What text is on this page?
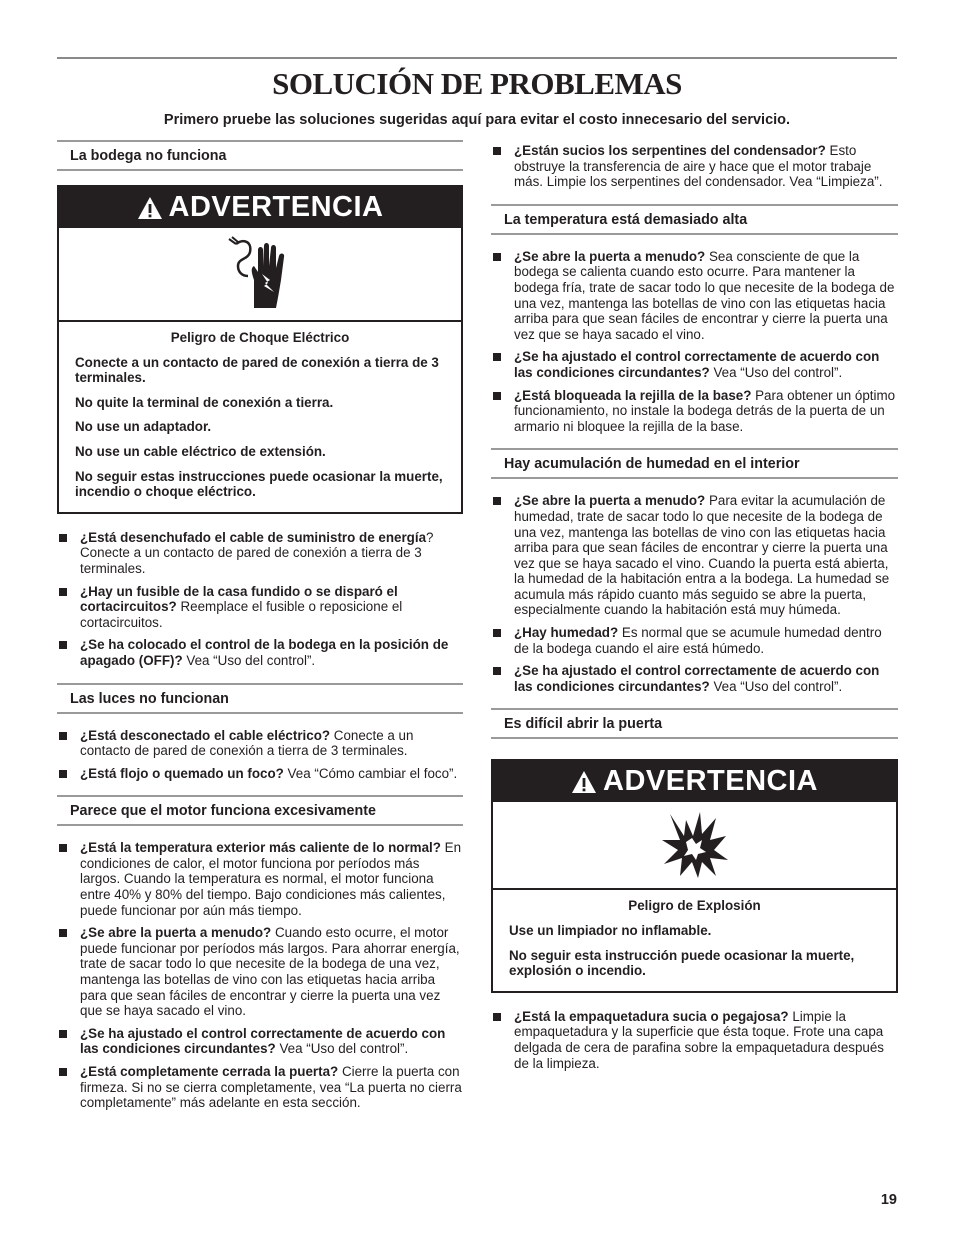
SOLUCIÓN DE PROBLEMAS
Primero pruebe las soluciones sugeridas aquí para evitar el costo innecesario del servicio.
La bodega no funciona
ADVERTENCIA
Peligro de Choque Eléctrico

Conecte a un contacto de pared de conexión a tierra de 3 terminales.

No quite la terminal de conexión a tierra.

No use un adaptador.

No use un cable eléctrico de extensión.

No seguir estas instrucciones puede ocasionar la muerte, incendio o choque eléctrico.

¿Está desenchufado el cable de suministro de energía? Conecte a un contacto de pared de conexión a tierra de 3 terminales.
¿Hay un fusible de la casa fundido o se disparó el cortacircuitos? Reemplace el fusible o reposicione el cortacircuitos.
¿Se ha colocado el control de la bodega en la posición de apagado (OFF)? Vea “Uso del control”.
Las luces no funcionan
¿Está desconectado el cable eléctrico? Conecte a un contacto de pared de conexión a tierra de 3 terminales.
¿Está flojo o quemado un foco? Vea “Cómo cambiar el foco”.
Parece que el motor funciona excesivamente
¿Está la temperatura exterior más caliente de lo normal? En condiciones de calor, el motor funciona por períodos más largos. Cuando la temperatura es normal, el motor funciona entre 40% y 80% del tiempo. Bajo condiciones más calientes, puede funcionar por aún más tiempo.
¿Se abre la puerta a menudo? Cuando esto ocurre, el motor puede funcionar por períodos más largos. Para ahorrar energía, trate de sacar todo lo que necesite de la bodega de una vez, mantenga las botellas de vino con las etiquetas hacia arriba para que sean fáciles de encontrar y cierre la puerta una vez que se haya sacado el vino.
¿Se ha ajustado el control correctamente de acuerdo con las condiciones circundantes? Vea “Uso del control”.
¿Está completamente cerrada la puerta? Cierre la puerta con firmeza. Si no se cierra completamente, vea “La puerta no cierra completamente” más adelante en esta sección.
¿Están sucios los serpentines del condensador? Esto obstruye la transferencia de aire y hace que el motor trabaje más. Limpie los serpentines del condensador. Vea “Limpieza”.
La temperatura está demasiado alta
¿Se abre la puerta a menudo? Sea consciente de que la bodega se calienta cuando esto ocurre. Para mantener la bodega fría, trate de sacar todo lo que necesite de la bodega de una vez, mantenga las botellas de vino con las etiquetas hacia arriba para que sean fáciles de encontrar y cierre la puerta una vez que se haya sacado el vino.
¿Se ha ajustado el control correctamente de acuerdo con las condiciones circundantes? Vea “Uso del control”.
¿Está bloqueada la rejilla de la base? Para obtener un óptimo funcionamiento, no instale la bodega detrás de la puerta de un armario ni bloquee la rejilla de la base.
Hay acumulación de humedad en el interior
¿Se abre la puerta a menudo? Para evitar la acumulación de humedad, trate de sacar todo lo que necesite de la bodega de una vez, mantenga las botellas de vino con las etiquetas hacia arriba para que sean fáciles de encontrar y cierre la puerta una vez que se haya sacado el vino. Cuando la puerta está abierta, la humedad de la habitación entra a la bodega. La humedad se acumula más rápido cuanto más seguido se abre la puerta, especialmente cuando la habitación está muy húmeda.
¿Hay humedad? Es normal que se acumule humedad dentro de la bodega cuando el aire está húmedo.
¿Se ha ajustado el control correctamente de acuerdo con las condiciones circundantes? Vea “Uso del control”.
Es difícil abrir la puerta
ADVERTENCIA
Peligro de Explosión

Use un limpiador no inflamable.

No seguir esta instrucción puede ocasionar la muerte, explosión o incendio.

¿Está la empaquetadura sucia o pegajosa? Limpie la empaquetadura y la superficie que ésta toque. Frote una capa delgada de cera de parafina sobre la empaquetadura después de la limpieza.
19
